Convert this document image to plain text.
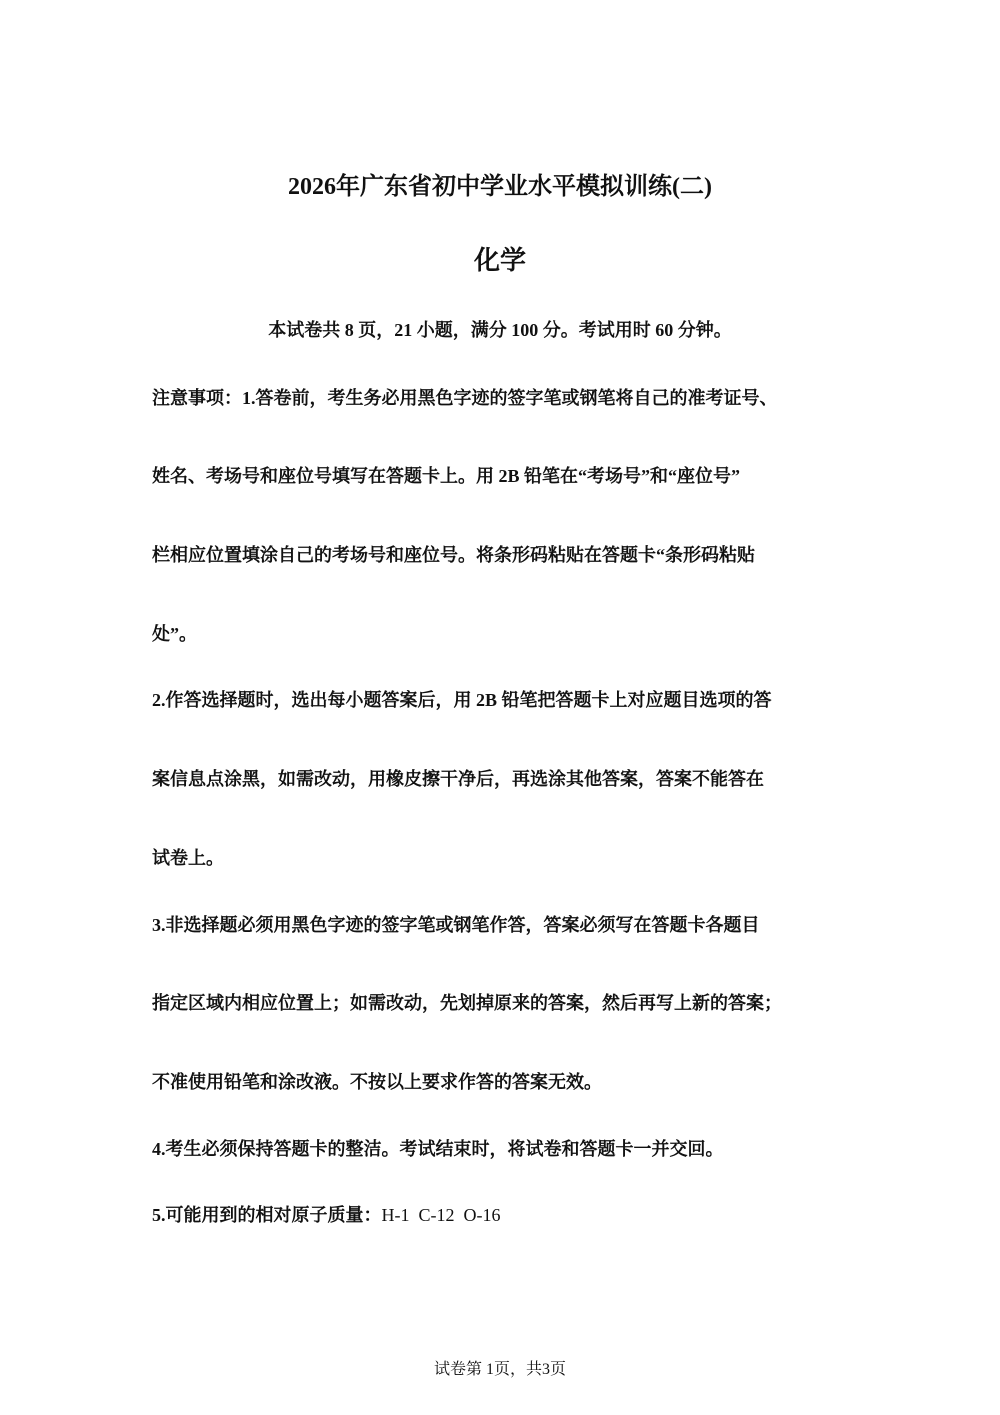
2026年广东省初中学业水平模拟训练(二)
化学
本试卷共 8 页，21 小题，满分 100 分。考试用时 60 分钟。
注意事项：1.答卷前，考生务必用黑色字迹的签字笔或钢笔将自己的准考证号、
姓名、考场号和座位号填写在答题卡上。用 2B 铅笔在“考场号”和“座位号”
栏相应位置填涂自己的考场号和座位号。将条形码粘贴在答题卡“条形码粘贴
处”。
2.作答选择题时，选出每小题答案后，用 2B 铅笔把答题卡上对应题目选项的答
案信息点涂黑，如需改动，用橡皮擦干净后，再选涂其他答案，答案不能答在
试卷上。
3.非选择题必须用黑色字迹的签字笔或钢笔作答，答案必须写在答题卡各题目
指定区域内相应位置上；如需改动，先划掉原来的答案，然后再写上新的答案；
不准使用铅笔和涂改液。不按以上要求作答的答案无效。
4.考生必须保持答题卡的整洁。考试结束时，将试卷和答题卡一并交回。
5.可能用到的相对原子质量：H-1  C-12  O-16
试卷第 1页，共3页
